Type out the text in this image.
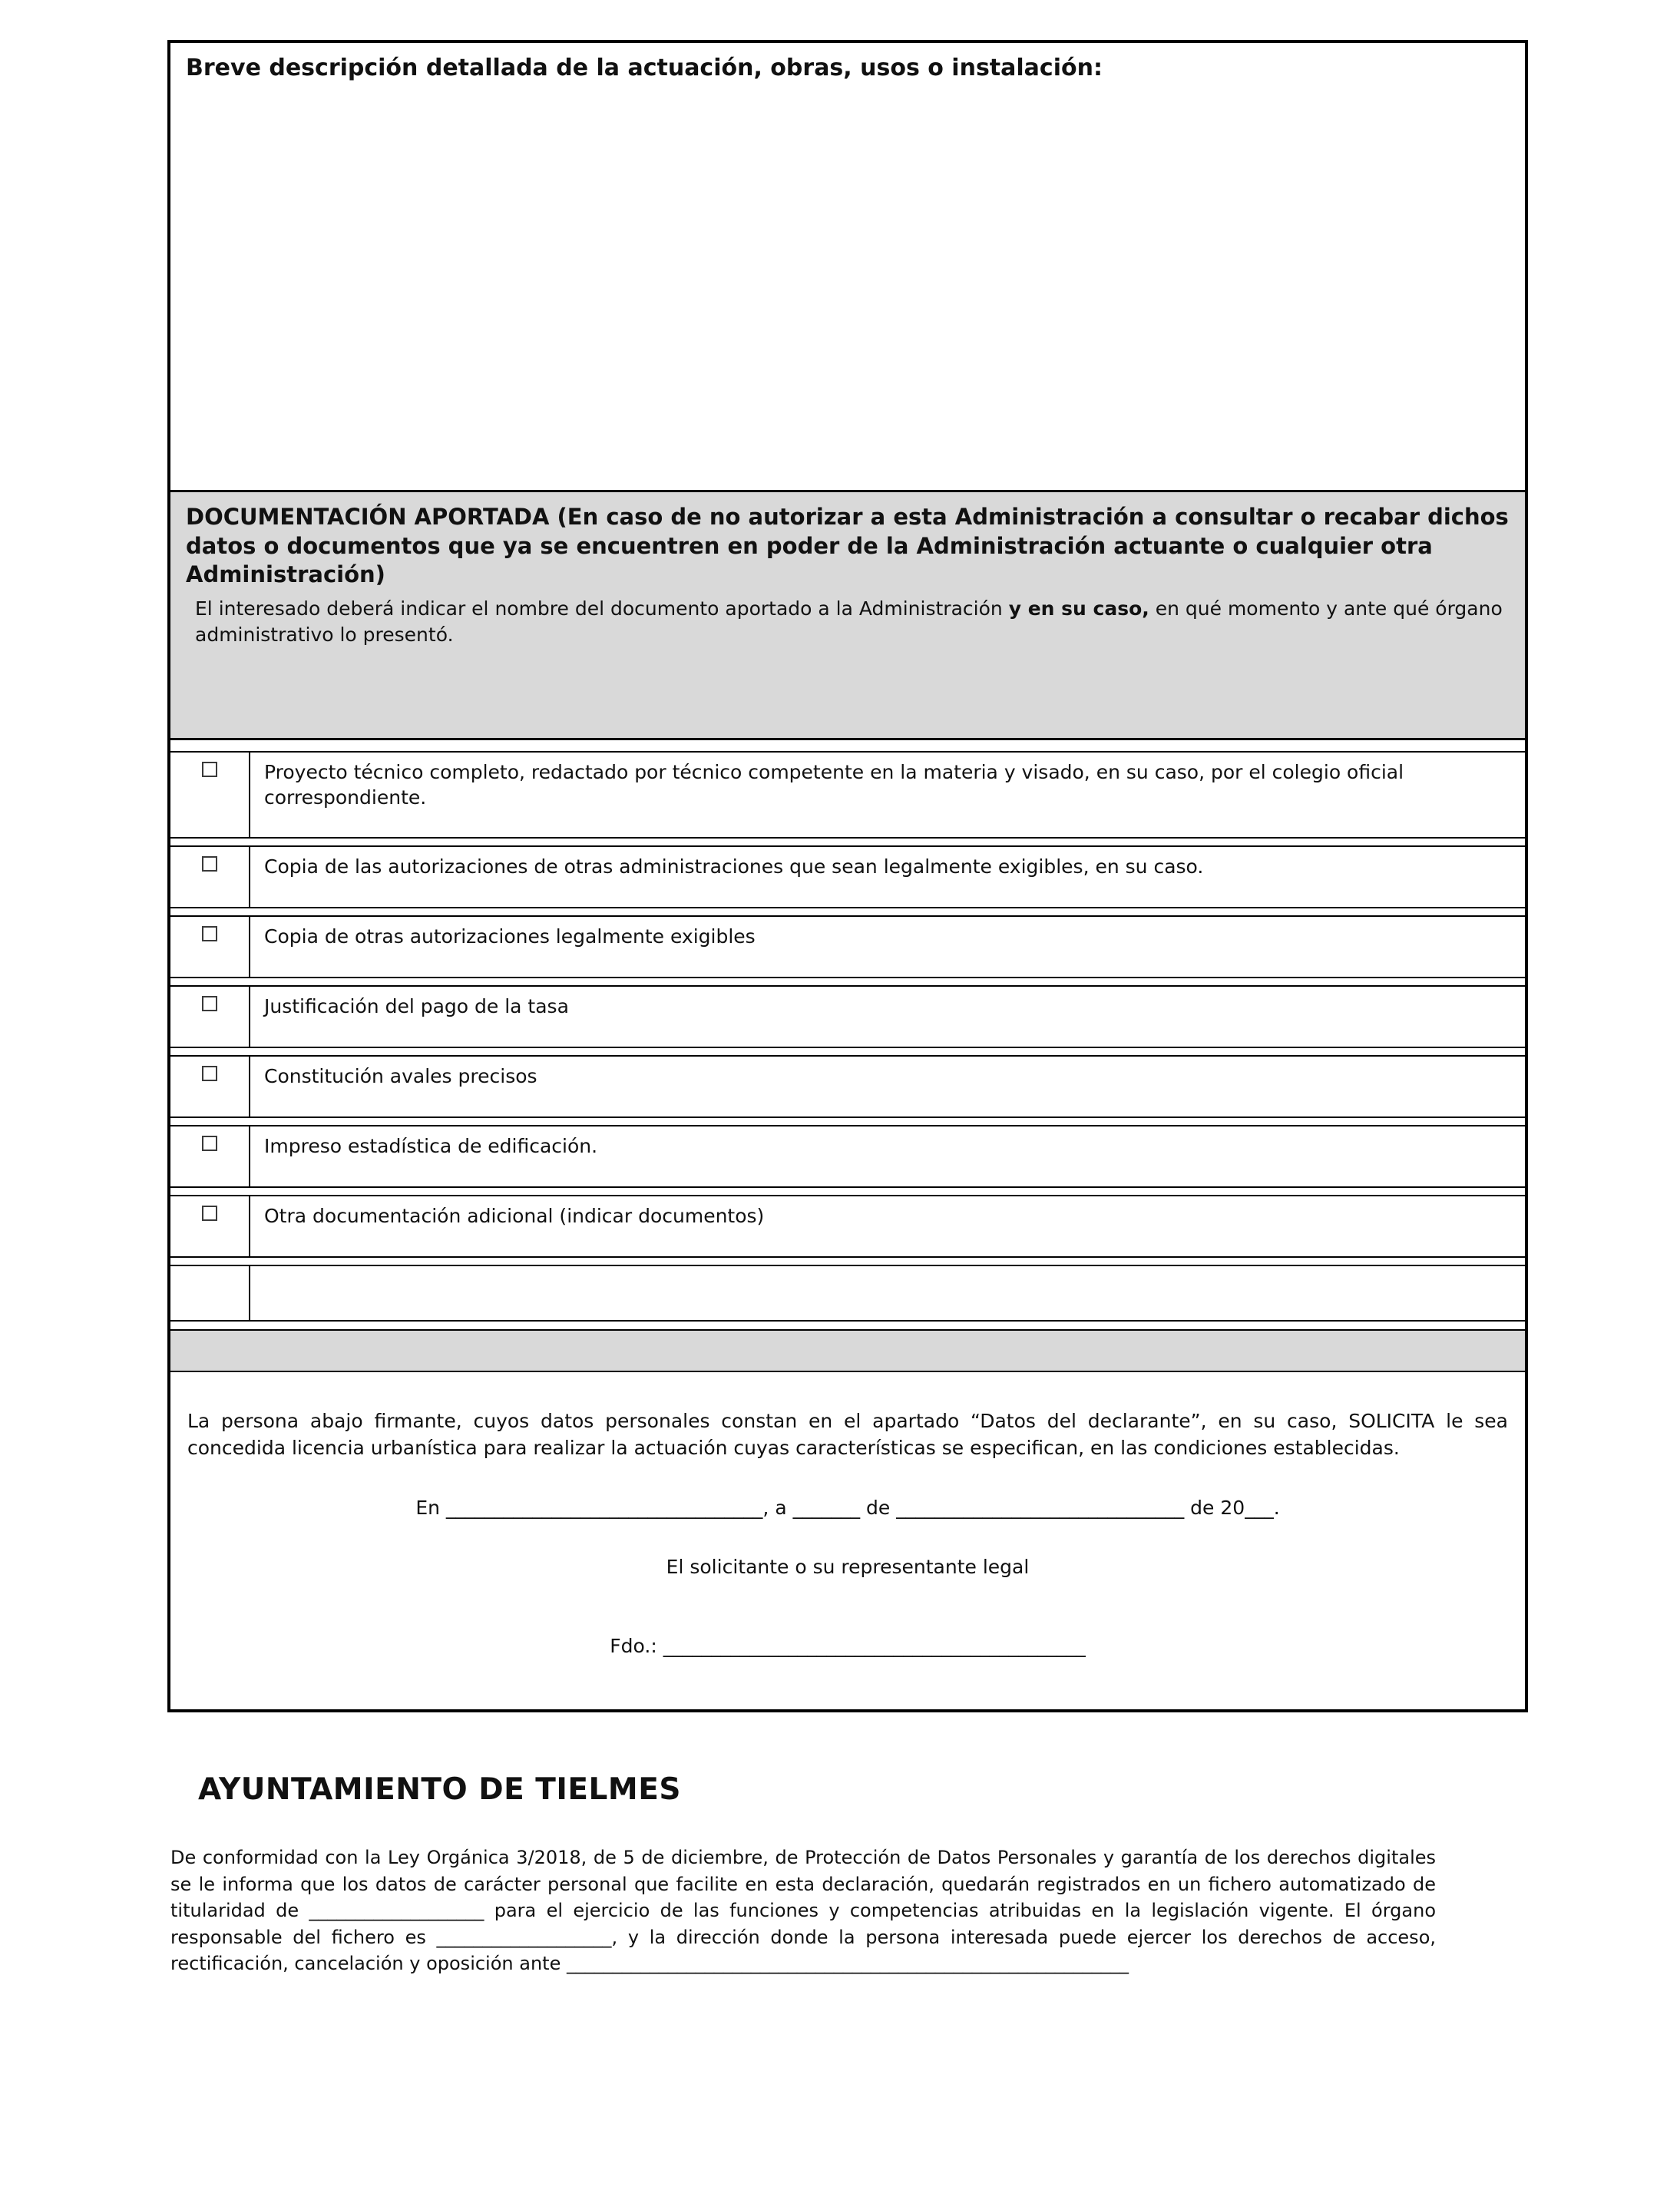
Breve descripción detallada de la actuación, obras, usos o instalación:
DOCUMENTACIÓN APORTADA (En caso de no autorizar a esta Administración a consultar o recabar dichos datos o documentos que ya se encuentren en poder de la Administración actuante o cualquier otra Administración)
El interesado deberá indicar el nombre del documento aportado a la Administración y en su caso, en qué momento y ante qué órgano administrativo lo presentó.
Proyecto técnico completo, redactado por técnico competente en la materia y visado, en su caso, por el colegio oficial correspondiente.
Copia de las autorizaciones de otras administraciones que sean legalmente exigibles, en su caso.
Copia de otras autorizaciones legalmente exigibles
Justificación del pago de la tasa
Constitución avales precisos
Impreso estadística de edificación.
Otra documentación adicional (indicar documentos)

La persona abajo firmante, cuyos datos personales constan en el apartado “Datos del declarante”, en su caso, SOLICITA le sea concedida licencia urbanística para realizar la actuación cuyas características se especifican, en las condiciones establecidas.

En _________________________________, a _______ de ______________________________ de 20___.
El solicitante o su representante legal
Fdo.: ____________________________________________
AYUNTAMIENTO DE TIELMES

De conformidad con la Ley Orgánica 3/2018, de 5 de diciembre, de Protección de Datos Personales y garantía de los derechos digitales se le informa que los datos de carácter personal que facilite en esta declaración, quedarán registrados en un fichero automatizado de titularidad de ___________________ para el ejercicio de las funciones y competencias atribuidas en la legislación vigente. El órgano responsable del fichero es ___________________, y la dirección donde la persona interesada puede ejercer los derechos de acceso, rectificación, cancelación y oposición ante _____________________________________________________________
